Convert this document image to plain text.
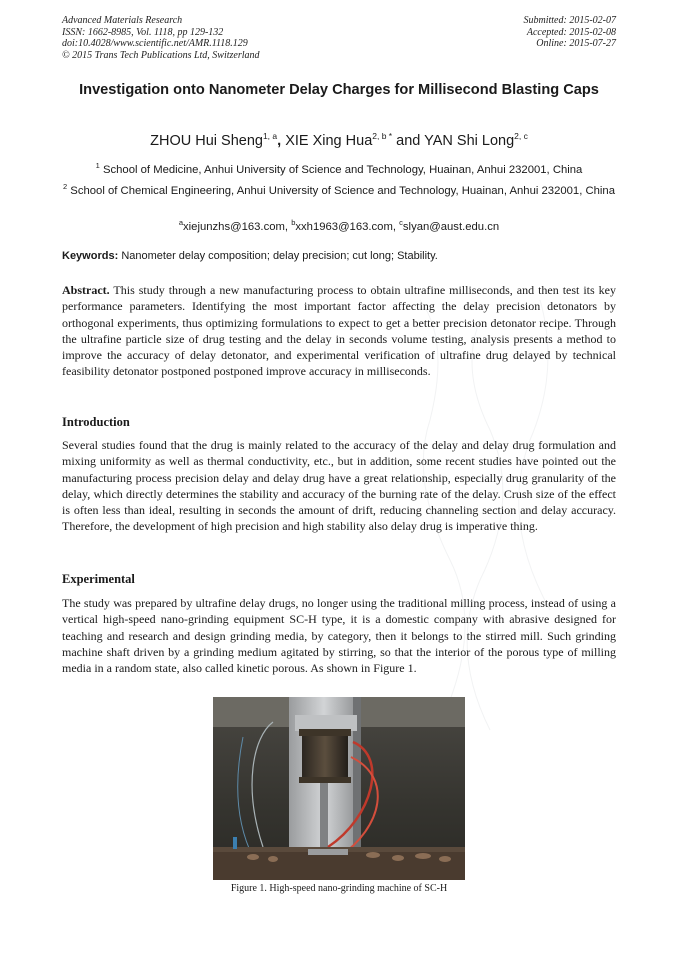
Advanced Materials Research
ISSN: 1662-8985, Vol. 1118, pp 129-132
doi:10.4028/www.scientific.net/AMR.1118.129
© 2015 Trans Tech Publications Ltd, Switzerland
Submitted: 2015-02-07
Accepted: 2015-02-08
Online: 2015-07-27
Investigation onto Nanometer Delay Charges for Millisecond Blasting Caps
ZHOU Hui Sheng$^{1, a}$, XIE Xing Hua$^{2, b *}$ and YAN Shi Long$^{2, c}$
$^1$ School of Medicine, Anhui University of Science and Technology, Huainan, Anhui 232001, China
$^2$ School of Chemical Engineering, Anhui University of Science and Technology, Huainan, Anhui 232001, China
$^a$xiejunzhs@163.com, $^b$xxh1963@163.com, $^c$slyan@aust.edu.cn
Keywords: Nanometer delay composition; delay precision; cut long; Stability.
Abstract. This study through a new manufacturing process to obtain ultrafine milliseconds, and then test its key performance parameters. Identifying the most important factor affecting the delay precision detonators by orthogonal experiments, thus optimizing formulations to expect to get a better precision detonator recipe. Through the ultrafine particle size of drug testing and the delay in seconds volume testing, analysis presents a method to improve the accuracy of delay detonator, and experimental verification of ultrafine drug delayed by technical feasibility detonator postponed postponed improve accuracy in milliseconds.
Introduction
Several studies found that the drug is mainly related to the accuracy of the delay and delay drug formulation and mixing uniformity as well as thermal conductivity, etc., but in addition, some recent studies have pointed out the manufacturing process precision delay and delay drug have a great relationship, especially drug granularity of the delay, which directly determines the stability and accuracy of the burning rate of the delay. Crush size of the effect is often less than ideal, resulting in seconds the amount of drift, reducing channeling section and delay accuracy. Therefore, the development of high precision and high stability also delay drug is imperative thing.
Experimental
The study was prepared by ultrafine delay drugs, no longer using the traditional milling process, instead of using a vertical high-speed nano-grinding equipment SC-H type, it is a domestic company with abrasive designed for teaching and research and design grinding media, by category, then it belongs to the stirred mill. Such grinding machine shaft driven by a grinding medium agitated by stirring, so that the interior of the porous type of milling media in a random state, also called kinetic porous. As shown in Figure 1.
Figure 1. High-speed nano-grinding machine of SC-H
